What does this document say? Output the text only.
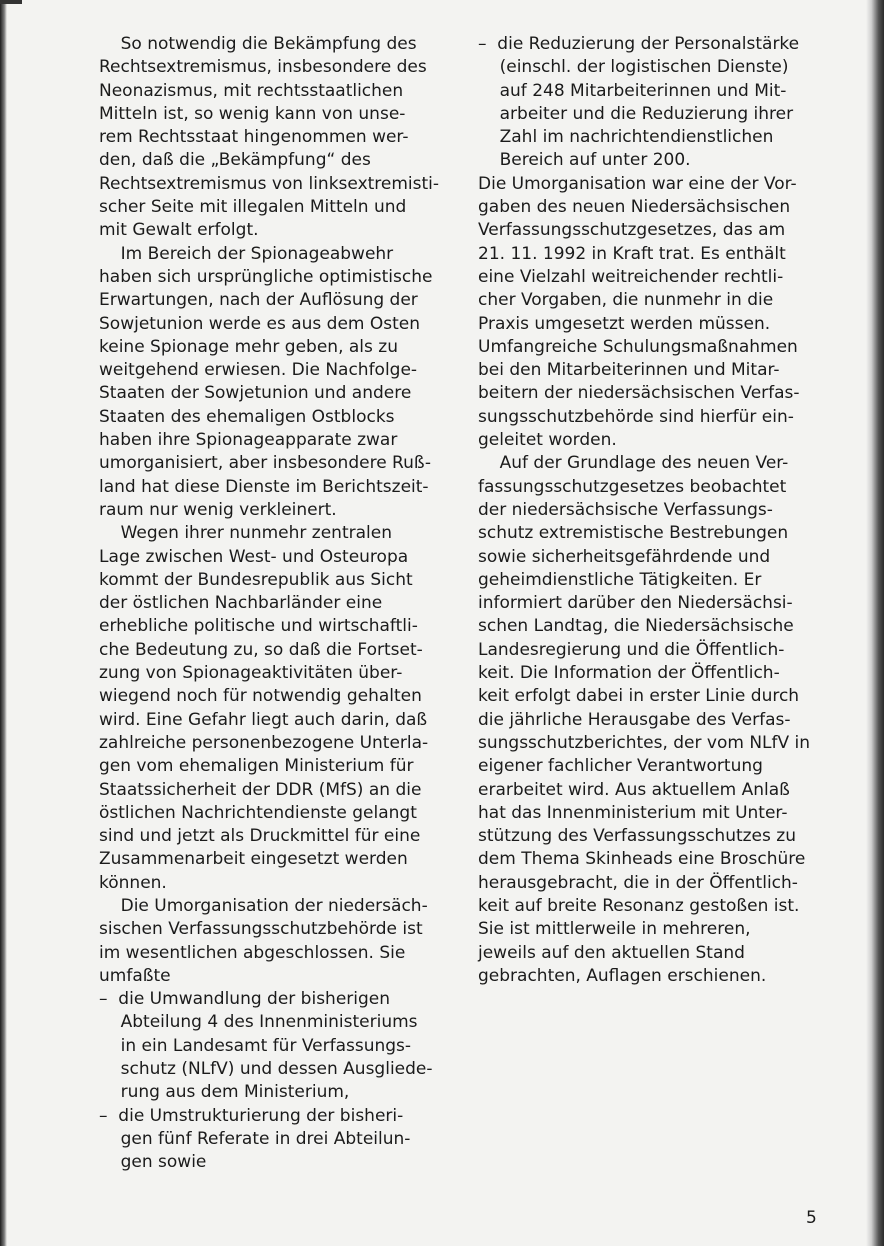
So notwendig die Bekämpfung des
Rechtsextremismus, insbesondere des
Neonazismus, mit rechtsstaatlichen
Mitteln ist, so wenig kann von unse-
rem Rechtsstaat hingenommen wer-
den, daß die „Bekämpfung“ des
Rechtsextremismus von linksextremisti-
scher Seite mit illegalen Mitteln und
mit Gewalt erfolgt.
Im Bereich der Spionageabwehr
haben sich ursprüngliche optimistische
Erwartungen, nach der Auflösung der
Sowjetunion werde es aus dem Osten
keine Spionage mehr geben, als zu
weitgehend erwiesen. Die Nachfolge-
Staaten der Sowjetunion und andere
Staaten des ehemaligen Ostblocks
haben ihre Spionageapparate zwar
umorganisiert, aber insbesondere Ruß-
land hat diese Dienste im Berichtszeit-
raum nur wenig verkleinert.
Wegen ihrer nunmehr zentralen
Lage zwischen West- und Osteuropa
kommt der Bundesrepublik aus Sicht
der östlichen Nachbarländer eine
erhebliche politische und wirtschaftli-
che Bedeutung zu, so daß die Fortset-
zung von Spionageaktivitäten über-
wiegend noch für notwendig gehalten
wird. Eine Gefahr liegt auch darin, daß
zahlreiche personenbezogene Unterla-
gen vom ehemaligen Ministerium für
Staatssicherheit der DDR (MfS) an die
östlichen Nachrichtendienste gelangt
sind und jetzt als Druckmittel für eine
Zusammenarbeit eingesetzt werden
können.
Die Umorganisation der niedersäch-
sischen Verfassungsschutzbehörde ist
im wesentlichen abgeschlossen. Sie
umfaßte
–  die Umwandlung der bisherigen
Abteilung 4 des Innenministeriums
in ein Landesamt für Verfassungs-
schutz (NLfV) und dessen Ausgliede-
rung aus dem Ministerium,
–  die Umstrukturierung der bisheri-
gen fünf Referate in drei Abteilun-
gen sowie
–  die Reduzierung der Personalstärke
(einschl. der logistischen Dienste)
auf 248 Mitarbeiterinnen und Mit-
arbeiter und die Reduzierung ihrer
Zahl im nachrichtendienstlichen
Bereich auf unter 200.
Die Umorganisation war eine der Vor-
gaben des neuen Niedersächsischen
Verfassungsschutzgesetzes, das am
21. 11. 1992 in Kraft trat. Es enthält
eine Vielzahl weitreichender rechtli-
cher Vorgaben, die nunmehr in die
Praxis umgesetzt werden müssen.
Umfangreiche Schulungsmaßnahmen
bei den Mitarbeiterinnen und Mitar-
beitern der niedersächsischen Verfas-
sungsschutzbehörde sind hierfür ein-
geleitet worden.
Auf der Grundlage des neuen Ver-
fassungsschutzgesetzes beobachtet
der niedersächsische Verfassungs-
schutz extremistische Bestrebungen
sowie sicherheitsgefährdende und
geheimdienstliche Tätigkeiten. Er
informiert darüber den Niedersächsi-
schen Landtag, die Niedersächsische
Landesregierung und die Öffentlich-
keit. Die Information der Öffentlich-
keit erfolgt dabei in erster Linie durch
die jährliche Herausgabe des Verfas-
sungsschutzberichtes, der vom NLfV in
eigener fachlicher Verantwortung
erarbeitet wird. Aus aktuellem Anlaß
hat das Innenministerium mit Unter-
stützung des Verfassungsschutzes zu
dem Thema Skinheads eine Broschüre
herausgebracht, die in der Öffentlich-
keit auf breite Resonanz gestoßen ist.
Sie ist mittlerweile in mehreren,
jeweils auf den aktuellen Stand
gebrachten, Auflagen erschienen.
5
